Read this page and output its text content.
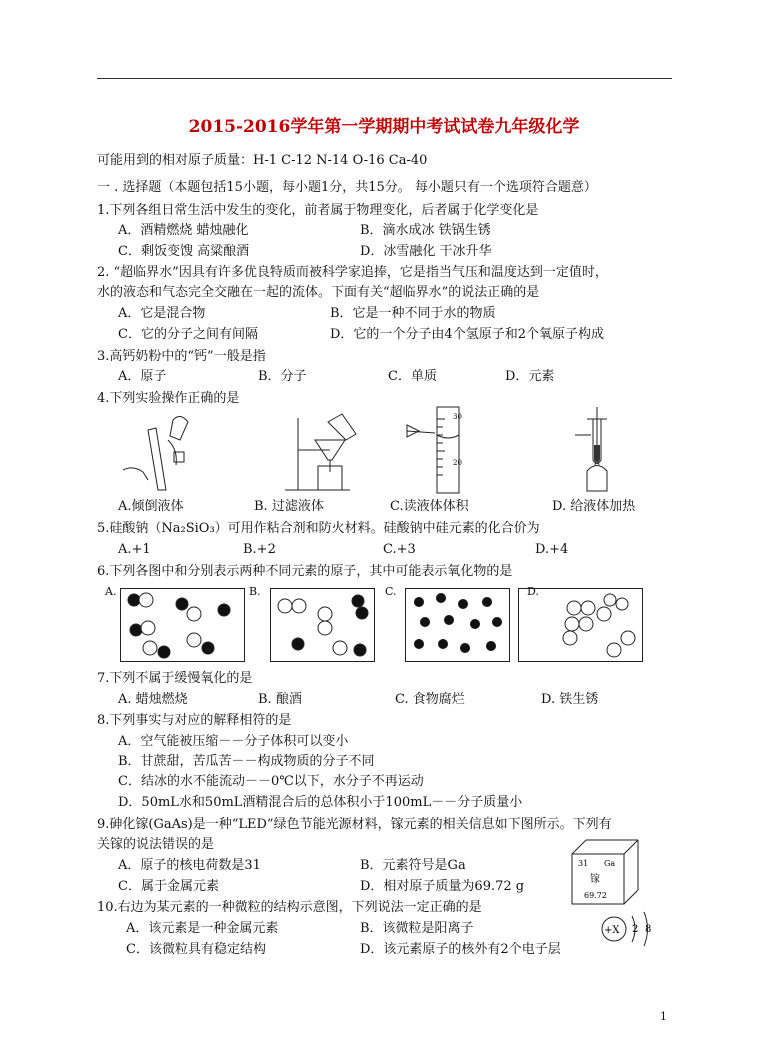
2015-2016学年第一学期期中考试试卷九年级化学
可能用到的相对原子质量：H-1 C-12 N-14 O-16 Ca-40
一 . 选择题（本题包括15小题，每小题1分，共15分。 每小题只有一个选项符合题意）
1.下列各组日常生活中发生的变化，前者属于物理变化，后者属于化学变化是
A．酒精燃烧 蜡烛融化	B．滴水成冰 铁锅生锈
C．剩饭变馊 高粱酿酒	D．冰雪融化 干冰升华
2. “超临界水”因具有许多优良特质而被科学家追捧，它是指当气压和温度达到一定值时，
水的液态和气态完全交融在一起的流体。下面有关“超临界水”的说法正确的是
A．它是混合物	B．它是一种不同于水的物质
C．它的分子之间有间隔	D．它的一个分子由4个氢原子和2个氧原子构成
3.高钙奶粉中的“钙”一般是指
A．原子	B．分子	C．单质	D．元素
4.下列实验操作正确的是
30
20
A.倾倒液体	B. 过滤液体	C.读液体体积	D. 给液体加热
5.硅酸钠（Na₂SiO₃）可用作粘合剂和防火材料。硅酸钠中硅元素的化合价为
A.+1	B.+2	C.+3	D.+4
6.下列各图中和分别表示两种不同元素的原子，其中可能表示氧化物的是
A.	B.	C.	D.
7.下列不属于缓慢氧化的是
A. 蜡烛燃烧	B. 酿酒	C. 食物腐烂	D. 铁生锈
8.下列事实与对应的解释相符的是
A．空气能被压缩－－分子体积可以变小
B．甘蔗甜，苦瓜苦－－构成物质的分子不同
C．结冰的水不能流动－－0℃以下，水分子不再运动
D．50mL水和50mL酒精混合后的总体积小于100mL－－分子质量小
9.砷化镓(GaAs)是一种“LED”绿色节能光源材料，镓元素的相关信息如下图所示。下列有
关镓的说法错误的是
A．原子的核电荷数是31	B．元素符号是Ga
C．属于金属元素	D．相对原子质量为69.72 g
31 Ga
镓
69.72
10.右边为某元素的一种微粒的结构示意图，下列说法一定正确的是
A．该元素是一种金属元素	B．该微粒是阳离子
C．该微粒具有稳定结构	D．该元素原子的核外有2个电子层
+X 2 8
1
